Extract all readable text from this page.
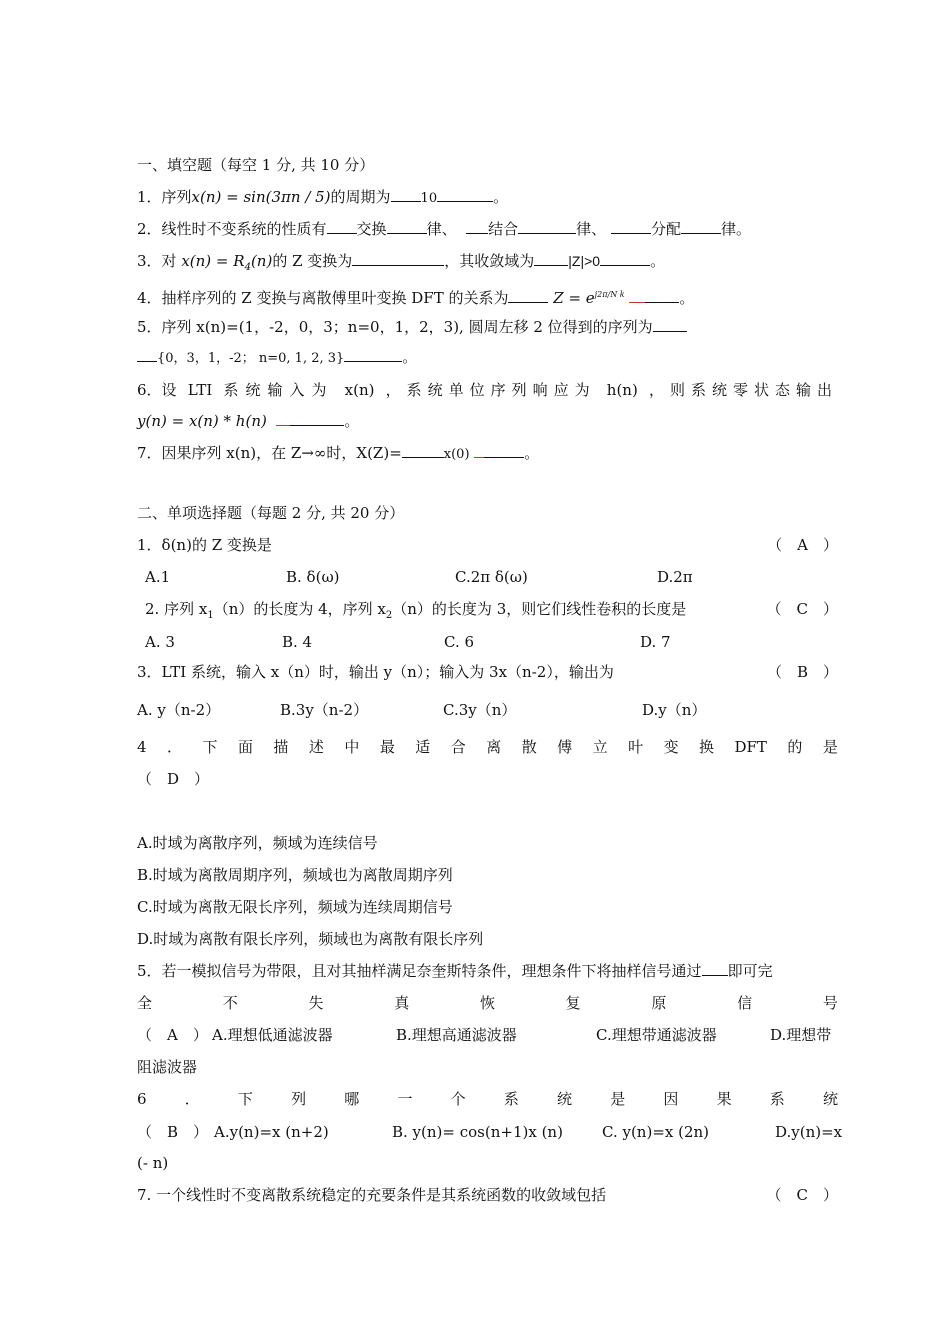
一、填空题（每空 1 分, 共 10 分）
1．序列x(n) = sin(3πn / 5)的周期为 10	。
2．线性时不变系统的性质有 交换	律、 结合	律、	分配	律。
3．对 $x(n) = R_4(n)$的 Z 变换为	，其收敛域为 |Z|>0	。
4．抽样序列的 Z 变换与离散傅里叶变换 DFT 的关系为	$Z = e^{j2\pi/N k}$	。
5．序列 x(n)=(1，-2，0，3；n=0，1，2，3), 圆周左移 2 位得到的序列为
{0，3，1，-2； n=0, 1, 2, 3}	。
6．设 LTI 系统输入为 x(n) ，系统单位序列响应为 h(n) ，则系统零状态输出
y(n) = x(n) * h(n)	。
7．因果序列 x(n)，在 Z→∞时，X(Z)=	x(0)	。
二、单项选择题（每题 2 分, 共 20 分）
1．δ(n)的 Z 变换是	（　A　）
A.1	B. δ(ω)	C.2π δ(ω)	D.2π
2. 序列 $x_1(n)$的长度为 4，序列 $x_2(n)$的长度为 3，则它们线性卷积的长度是	（　C　）
A. 3	B. 4	C. 6	D. 7
3．LTI 系统，输入 x（n）时，输出 y（n）；输入为 3x（n-2），输出为	（　B　）
A. y（n-2）	B.3y（n-2）	C.3y（n）	D.y（n）
4 ． 下 面 描 述 中 最 适 合 离 散 傅 立 叶 变 换 DFT 的 是
（　D　）
A.时域为离散序列，频域为连续信号
B.时域为离散周期序列，频域也为离散周期序列
C.时域为离散无限长序列，频域为连续周期信号
D.时域为离散有限长序列，频域也为离散有限长序列
5．若一模拟信号为带限，且对其抽样满足奈奎斯特条件，理想条件下将抽样信号通过 即可完
全	不	失	真	恢	复	原	信	号
（　A　） A.理想低通滤波器	B.理想高通滤波器	C.理想带通滤波器	D.理想带
阻滤波器
6	．	下	列	哪	一	个	系	统	是	因	果	系	统
（　B　） A.y(n)=x (n+2)	B. y(n)= cos(n+1)x (n)	C. y(n)=x (2n)	D.y(n)=x
(- n)
7. 一个线性时不变离散系统稳定的充要条件是其系统函数的收敛域包括	（　C　）
